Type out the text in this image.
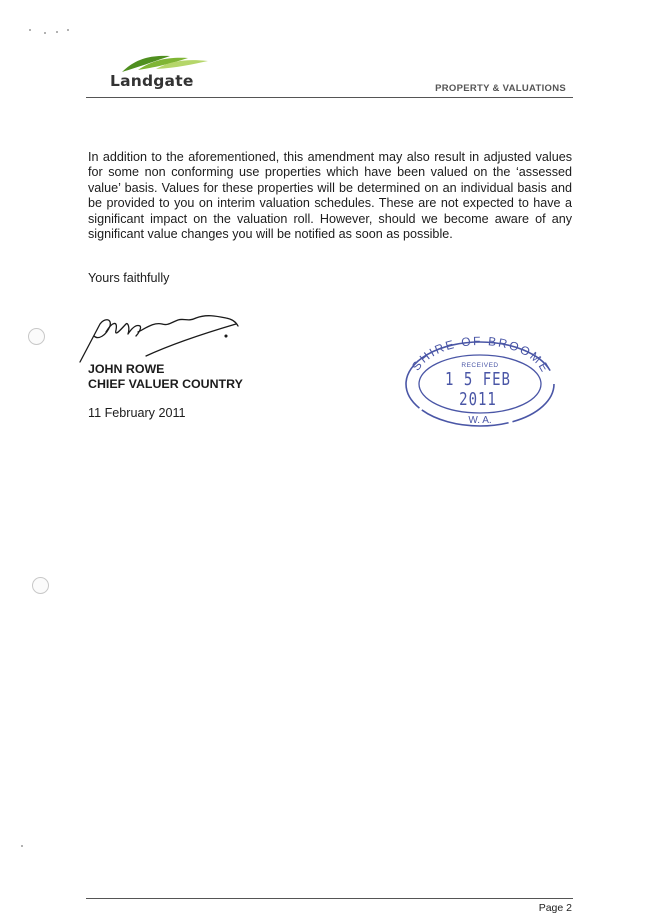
Landgate	PROPERTY & VALUATIONS

In addition to the aforementioned, this amendment may also result in adjusted values for some non conforming use properties which have been valued on the ‘assessed value’ basis. Values for these properties will be determined on an individual basis and be provided to you on interim valuation schedules. These are not expected to have a significant impact on the valuation roll. However, should we become aware of any significant value changes you will be notified as soon as possible.

Yours faithfully
JOHN ROWE
CHIEF VALUER COUNTRY
11 February 2011
SHIRE OF BROOME
RECEIVED
W. A.
1 5 FEB 2011
Page 2
